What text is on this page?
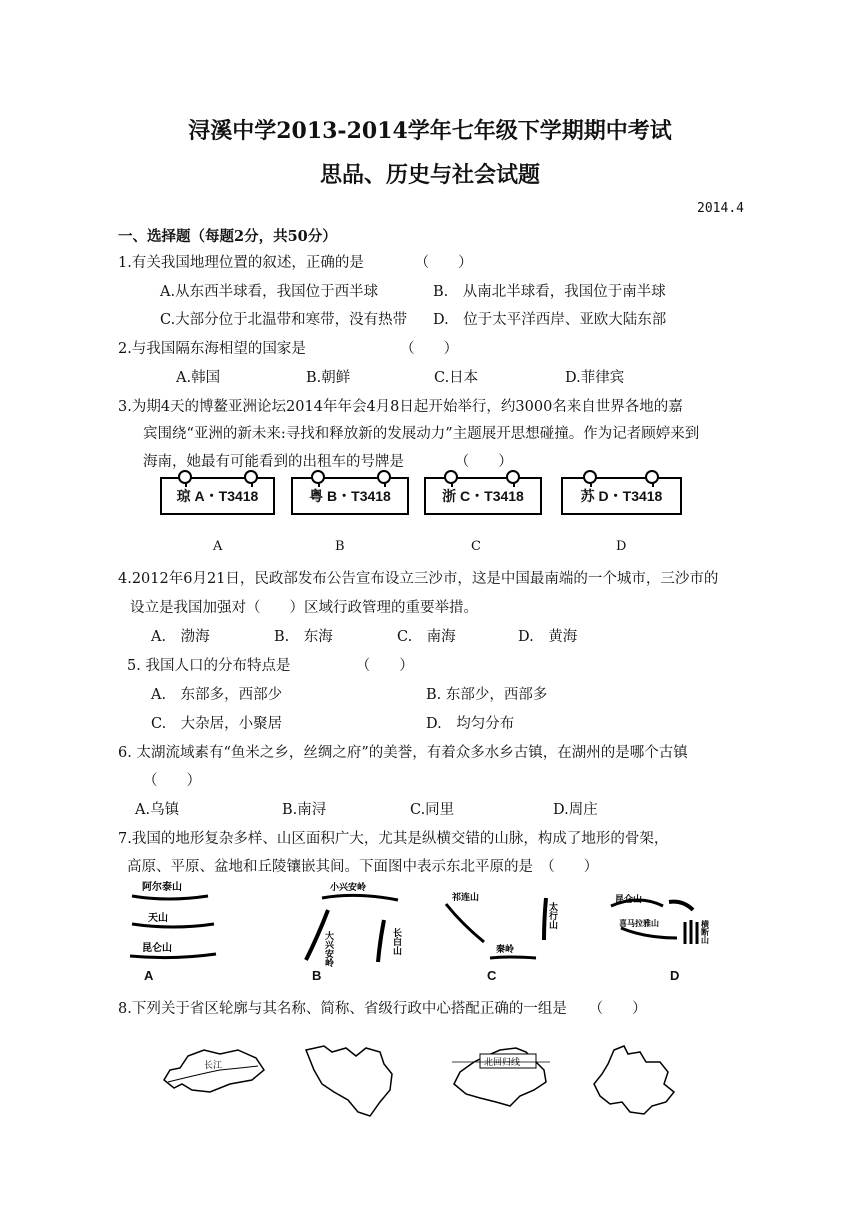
浔溪中学2013-2014学年七年级下学期期中考试
思品、历史与社会试题
2014.4
一、选择题（每题2分，共50分）
1.有关我国地理位置的叙述，正确的是　　　　（　　）
A.从东西半球看，我国位于西半球	B.　从南北半球看，我国位于南半球
C.大部分位于北温带和寒带，没有热带 D.　位于太平洋西岸、亚欧大陆东部
2.与我国隔东海相望的国家是　　　　　　　（　　）
A.韩国	B.朝鲜	C.日本	D.菲律宾
3.为期4天的博鳌亚洲论坛2014年年会4月8日起开始举行，约3000名来自世界各地的嘉
宾围绕“亚洲的新未来:寻找和释放新的发展动力”主题展开思想碰撞。作为记者顾婷来到
海南，她最有可能看到的出租车的号牌是　　　　（　　）
琼 A・T3418	粤 B・T3418	浙 C・T3418	苏 D・T3418
A	B	C	D
4.2012年6月21日，民政部发布公告宣布设立三沙市，这是中国最南端的一个城市，三沙市的
设立是我国加强对（　　）区域行政管理的重要举措。
A.　渤海	B.　东海	C.　南海	D.　黄海
5. 我国人口的分布特点是　　　　　（　　）
A.　东部多，西部少	B. 东部少，西部多
C.　大杂居，小聚居	D.　均匀分布
6. 太湖流域素有“鱼米之乡，丝绸之府”的美誉，有着众多水乡古镇，在湖州的是哪个古镇
（　　）
A.乌镇	B.南浔	C.同里	D.周庄
7.我国的地形复杂多样、山区面积广大，尤其是纵横交错的山脉，构成了地形的骨架，
高原、平原、盆地和丘陵镶嵌其间。下面图中表示东北平原的是　（　　）
阿尔泰山
天山
昆仑山
A
小兴安岭
大兴安岭	长白山
B
祁连山
太行山
秦岭
C
昆仑山
喜马拉雅山	横断山
D
8.下列关于省区轮廓与其名称、简称、省级行政中心搭配正确的一组是　　（　　）
长江	北回归线
